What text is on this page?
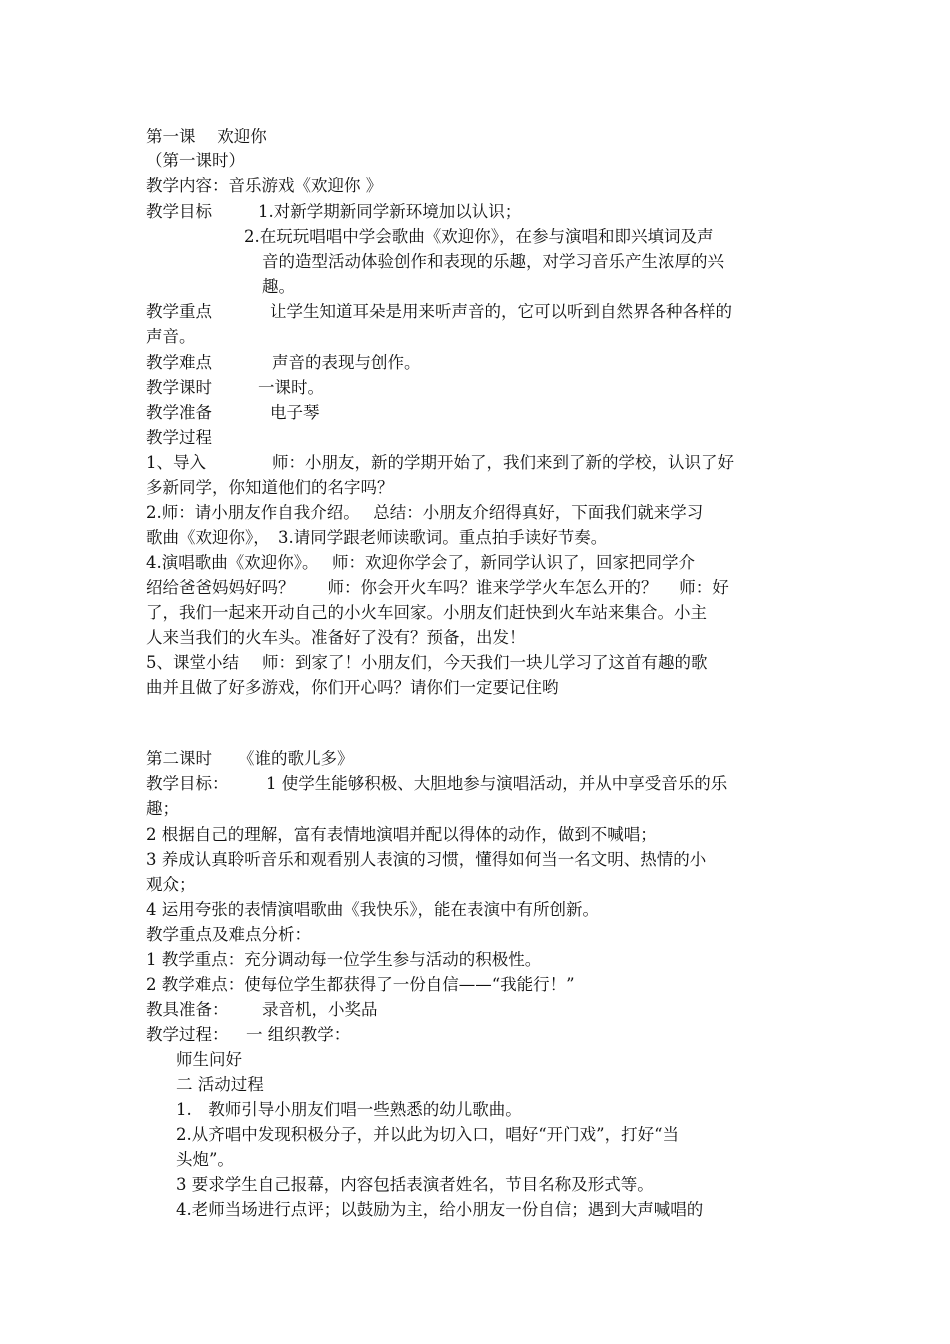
第一课　 欢迎你

（第一课时）

教学内容：音乐游戏《欢迎你 》

教学目标	1.对新学期新同学新环境加以认识；

2.在玩玩唱唱中学会歌曲《欢迎你》，在参与演唱和即兴填词及声

音的造型活动体验创作和表现的乐趣，对学习音乐产生浓厚的兴

趣。

教学重点	让学生知道耳朵是用来听声音的，它可以听到自然界各种各样的

声音。

教学难点	声音的表现与创作。

教学课时	一课时。

教学准备	电子琴

教学过程

1、导入	师：小朋友，新的学期开始了，我们来到了新的学校，认识了好

多新同学，你知道他们的名字吗？

2.师：请小朋友作自我介绍。　 总结：小朋友介绍得真好，下面我们就来学习

歌曲《欢迎你》，　3.请同学跟老师读歌词。重点拍手读好节奏。

4.演唱歌曲《欢迎你》。　 师：欢迎你学会了，新同学认识了，回家把同学介

绍给爸爸妈妈好吗？　　师：你会开火车吗？谁来学学火车怎么开的？　 师：好

了，我们一起来开动自己的小火车回家。小朋友们赶快到火车站来集合。小主

人来当我们的火车头。准备好了没有？预备，出发！

5、课堂小结 师：到家了！小朋友们，今天我们一块儿学习了这首有趣的歌

曲并且做了好多游戏，你们开心吗？请你们一定要记住哟

第二课时 《谁的歌儿多》

教学目标： 1 使学生能够积极、大胆地参与演唱活动，并从中享受音乐的乐

趣；

2 根据自己的理解，富有表情地演唱并配以得体的动作，做到不喊唱；

3 养成认真聆听音乐和观看别人表演的习惯，懂得如何当一名文明、热情的小

观众；

4 运用夸张的表情演唱歌曲《我快乐》，能在表演中有所创新。

教学重点及难点分析：

1 教学重点：充分调动每一位学生参与活动的积极性。

2 教学难点：使每位学生都获得了一份自信——“我能行！”

教具准备： 录音机，小奖品

教学过程： 一 组织教学：

师生问好

二 活动过程

1.　教师引导小朋友们唱一些熟悉的幼儿歌曲。

2.从齐唱中发现积极分子，并以此为切入口，唱好“开门戏”，打好“当

头炮”。

3 要求学生自己报幕，内容包括表演者姓名，节目名称及形式等。

4.老师当场进行点评；以鼓励为主，给小朋友一份自信；遇到大声喊唱的
